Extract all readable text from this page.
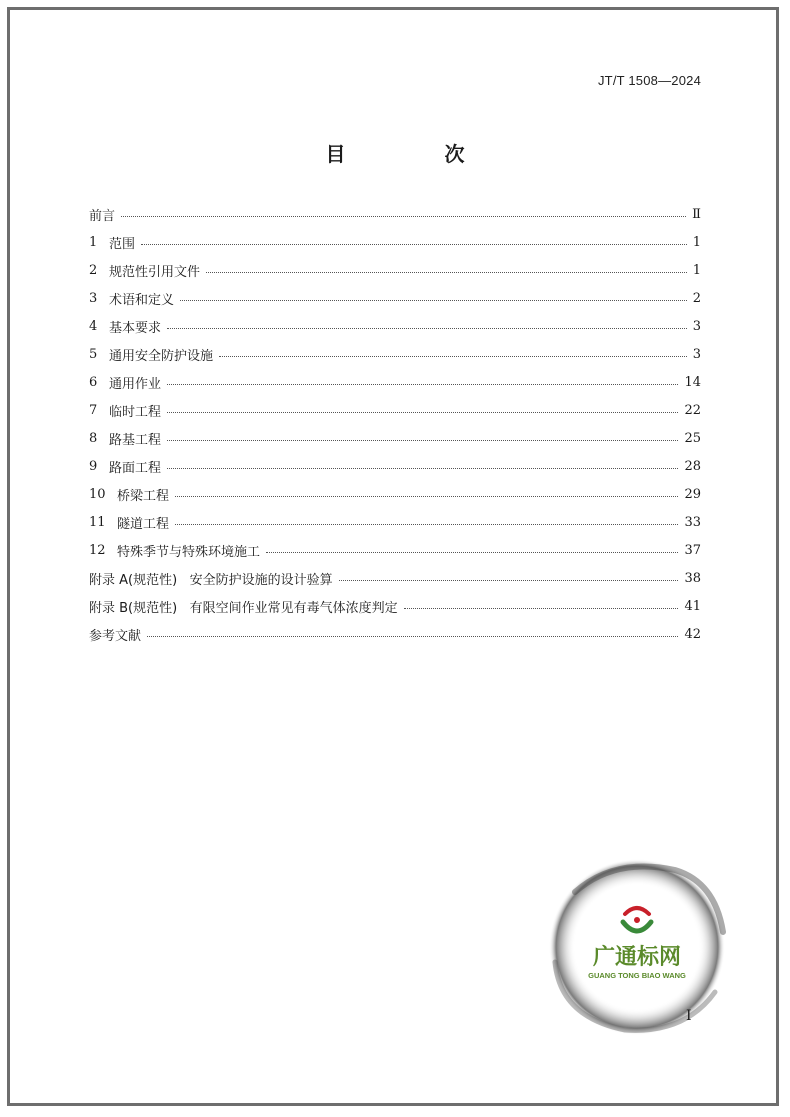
JT/T 1508—2024
目 次
前言	Ⅱ
1 范围	1
2 规范性引用文件	1
3 术语和定义	2
4 基本要求	3
5 通用安全防护设施	3
6 通用作业	14
7 临时工程	22
8 路基工程	25
9 路面工程	28
10 桥梁工程	29
11 隧道工程	33
12 特殊季节与特殊环境施工	37
附录 A(规范性)   安全防护设施的设计验算	38
附录 B(规范性)   有限空间作业常见有毒气体浓度判定	41
参考文献	42
广通标网
GUANG TONG BIAO WANG
I
